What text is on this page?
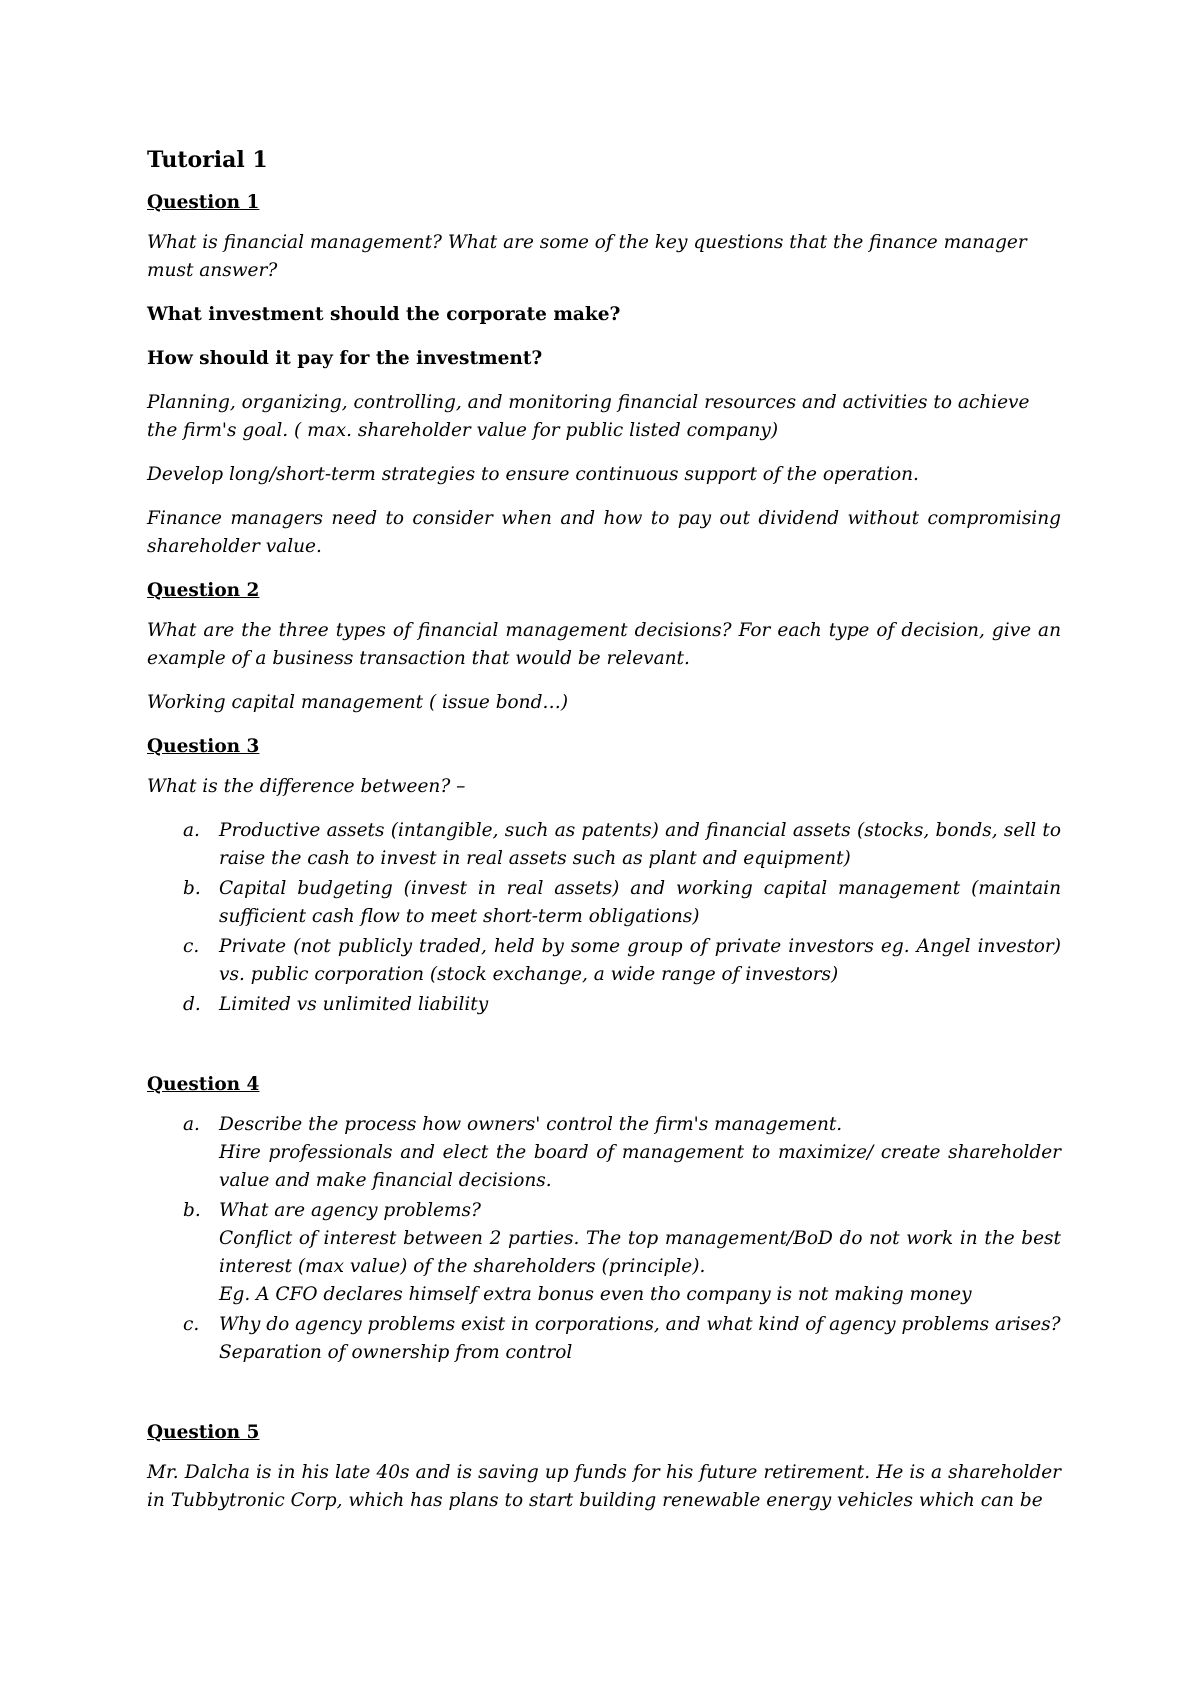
Tutorial 1
Question 1
What is financial management? What are some of the key questions that the finance manager must answer?
What investment should the corporate make?
How should it pay for the investment?
Planning, organizing, controlling, and monitoring financial resources and activities to achieve the firm's goal. ( max. shareholder value for public listed company)
Develop long/short-term strategies to ensure continuous support of the operation.
Finance managers need to consider when and how to pay out dividend without compromising shareholder value.
Question 2
What are the three types of financial management decisions? For each type of decision, give an example of a business transaction that would be relevant.
Working capital management ( issue bond…)
Question 3
What is the difference between? –
a. Productive assets (intangible, such as patents) and financial assets (stocks, bonds, sell to raise the cash to invest in real assets such as plant and equipment)
b. Capital budgeting (invest in real assets) and working capital management (maintain sufficient cash flow to meet short-term obligations)
c. Private (not publicly traded, held by some group of private investors eg. Angel investor) vs. public corporation (stock exchange, a wide range of investors)
d. Limited vs unlimited liability
Question 4
a. Describe the process how owners' control the firm's management.
Hire professionals and elect the board of management to maximize/ create shareholder value and make financial decisions.
b. What are agency problems?
Conflict of interest between 2 parties. The top management/BoD do not work in the best interest (max value) of the shareholders (principle).
Eg. A CFO declares himself extra bonus even tho company is not making money
c. Why do agency problems exist in corporations, and what kind of agency problems arises?
Separation of ownership from control
Question 5
Mr. Dalcha is in his late 40s and is saving up funds for his future retirement. He is a shareholder in Tubbytronic Corp, which has plans to start building renewable energy vehicles which can be
